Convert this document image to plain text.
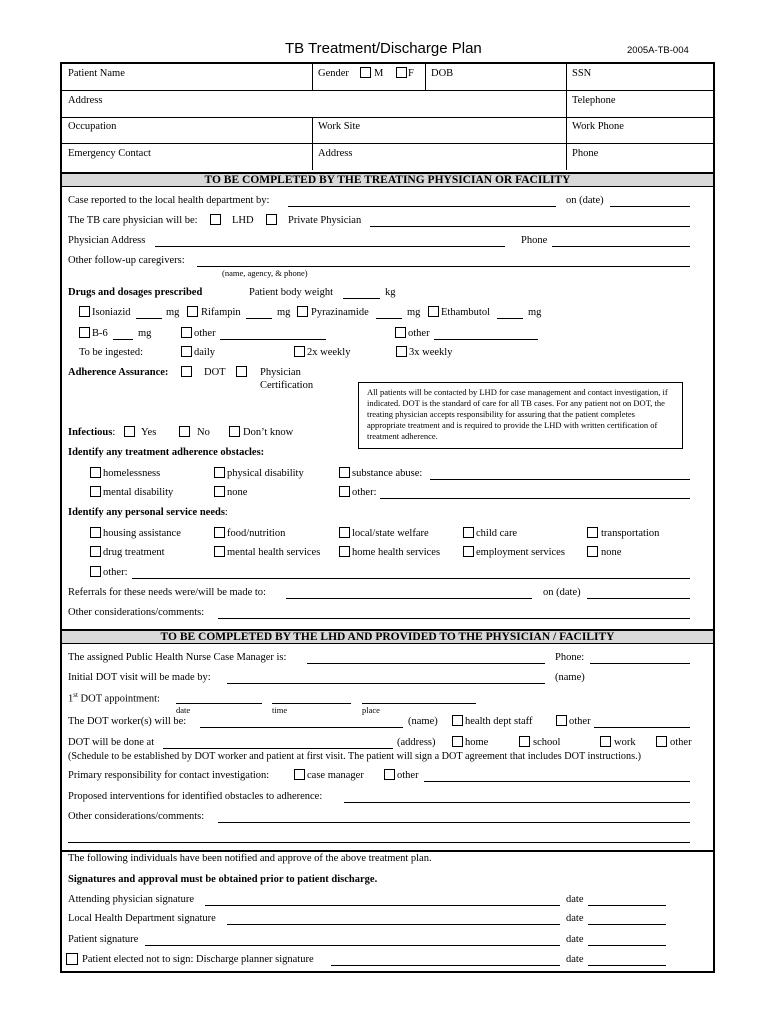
TB Treatment/Discharge Plan	2005A-TB-004
Patient Name	Gender M F DOB	SSN
Address	Telephone
Occupation	Work Site	Work Phone
Emergency Contact	Address	Phone
TO BE COMPLETED BY THE TREATING PHYSICIAN OR FACILITY
Case reported to the local health department by:	on (date)
The TB care physician will be:	LHD	Private Physician
Physician Address	Phone
Other follow-up caregivers:
(name, agency, & phone)
Drugs and dosages prescribed	Patient body weight	kg
Isoniazid	mg Rifampin	mg Pyrazinamide	mg Ethambutol	mg
B-6	mg	other	other
To be ingested:	daily	2x weekly	3x weekly
Adherence Assurance:	DOT	Physician
Certification
All patients will be contacted by LHD for case management and contact investigation, if indicated. DOT is the standard of care for all TB cases. For any patient not on DOT, the treating physician accepts responsibility for assuring that the patient completes appropriate treatment and is required to provide the LHD with written certification of treatment adherence.
Infectious: Yes	No	Don’t know
Identify any treatment adherence obstacles:
homelessness	physical disability	substance abuse:
mental disability	none	other:
Identify any personal service needs:
housing assistance	food/nutrition	local/state welfare	child care	transportation
drug treatment	mental health services	home health services	employment services	none
other:
Referrals for these needs were/will be made to:	on (date)
Other considerations/comments:
TO BE COMPLETED BY THE LHD AND PROVIDED TO THE PHYSICIAN / FACILITY
The assigned Public Health Nurse Case Manager is:	Phone:
Initial DOT visit will be made by:	(name)
1st DOT appointment:
date	time	place
The DOT worker(s) will be:	(name)	health dept staff	other
DOT will be done at	(address)	home	school	work	other
(Schedule to be established by DOT worker and patient at first visit. The patient will sign a DOT agreement that includes DOT instructions.)
Primary responsibility for contact investigation:	case manager	other
Proposed interventions for identified obstacles to adherence:
Other considerations/comments:
The following individuals have been notified and approve of the above treatment plan.
Signatures and approval must be obtained prior to patient discharge.
Attending physician signature	date
Local Health Department signature	date
Patient signature	date
Patient elected not to sign: Discharge planner signature	date
